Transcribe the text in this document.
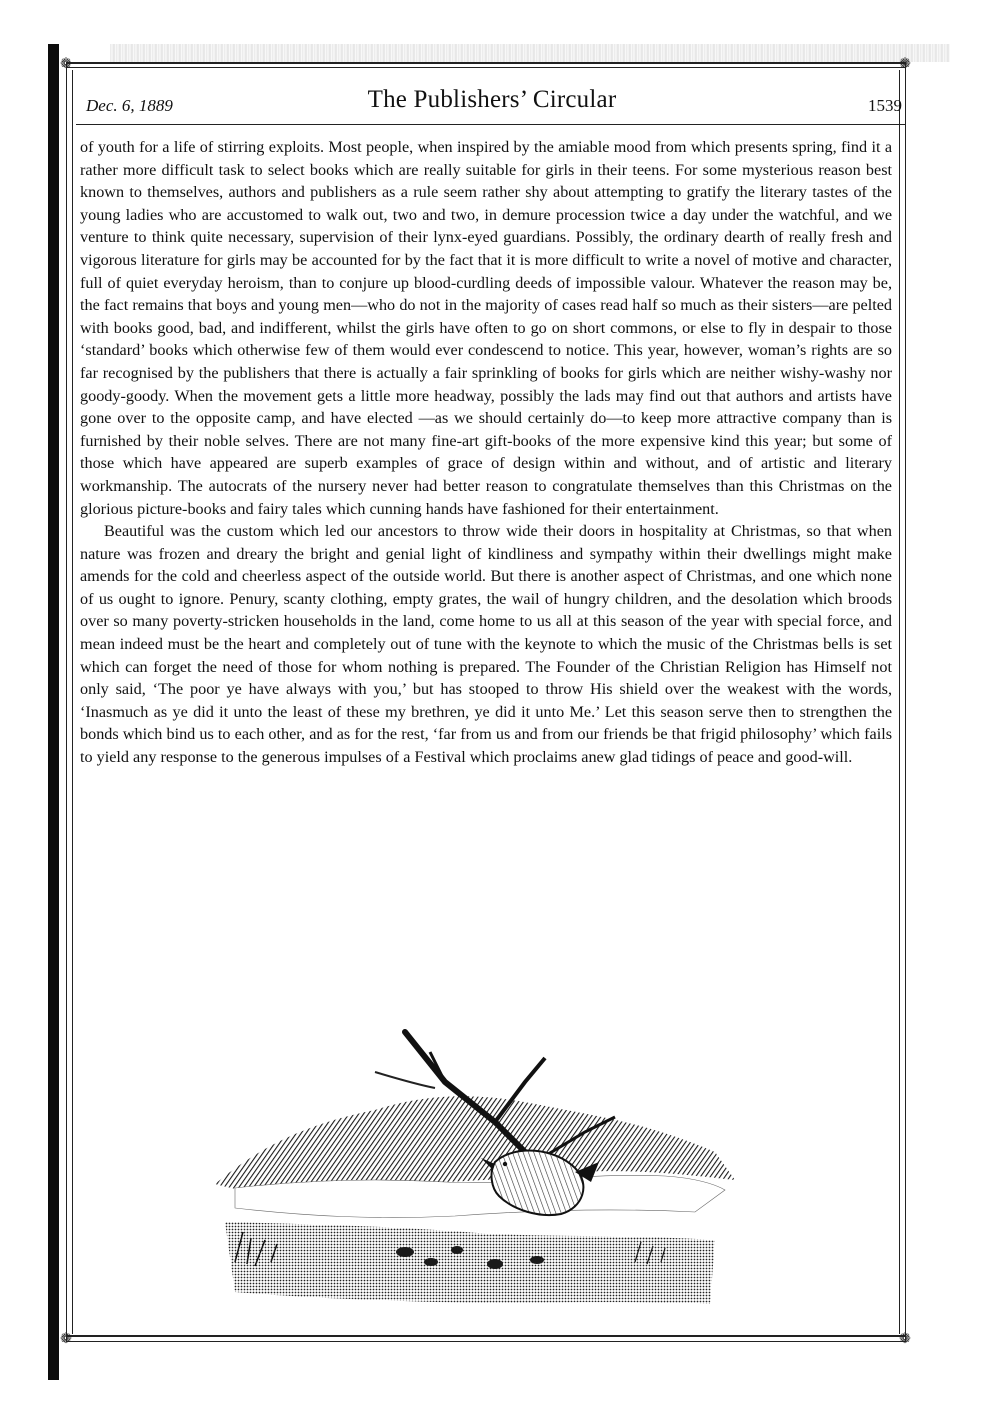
❁	❁
❁	❁
Dec. 6, 1889	The Publishers’ Circular	1539

of youth for a life of stirring exploits. Most people, when inspired by the amiable mood from which presents spring, find it a rather more difficult task to select books which are really suitable for girls in their teens. For some mysterious reason best known to themselves, authors and publishers as a rule seem rather shy about attempting to gratify the literary tastes of the young ladies who are accustomed to walk out, two and two, in demure procession twice a day under the watchful, and we venture to think quite necessary, supervision of their lynx-eyed guardians. Possibly, the ordinary dearth of really fresh and vigorous literature for girls may be accounted for by the fact that it is more difficult to write a novel of motive and character, full of quiet everyday heroism, than to conjure up blood-curdling deeds of impossible valour. Whatever the reason may be, the fact remains that boys and young men—who do not in the majority of cases read half so much as their sisters—are pelted with books good, bad, and indifferent, whilst the girls have often to go on short commons, or else to fly in despair to those ‘standard’ books which otherwise few of them would ever condescend to notice. This year, however, woman’s rights are so far recognised by the publishers that there is actually a fair sprinkling of books for girls which are neither wishy-washy nor goody-goody. When the movement gets a little more headway, possibly the lads may find out that authors and artists have gone over to the opposite camp, and have elected —as we should certainly do—to keep more attractive company than is furnished by their noble selves. There are not many fine-art gift-books of the more expensive kind this year; but some of those which have appeared are superb examples of grace of design within and without, and of artistic and literary workmanship. The autocrats of the nursery never had better reason to congratulate themselves than this Christmas on the glorious picture-books and fairy tales which cunning hands have fashioned for their entertainment.

Beautiful was the custom which led our ancestors to throw wide their doors in hospitality at Christmas, so that when nature was frozen and dreary the bright and genial light of kindliness and sympathy within their dwellings might make amends for the cold and cheerless aspect of the outside world. But there is another aspect of Christmas, and one which none of us ought to ignore. Penury, scanty clothing, empty grates, the wail of hungry children, and the desolation which broods over so many poverty-stricken households in the land, come home to us all at this season of the year with special force, and mean indeed must be the heart and completely out of tune with the keynote to which the music of the Christmas bells is set which can forget the need of those for whom nothing is prepared. The Founder of the Christian Religion has Himself not only said, ‘The poor ye have always with you,’ but has stooped to throw His shield over the weakest with the words, ‘Inasmuch as ye did it unto the least of these my brethren, ye did it unto Me.’ Let this season serve then to strengthen the bonds which bind us to each other, and as for the rest, ‘far from us and from our friends be that frigid philosophy’ which fails to yield any response to the generous impulses of a Festival which proclaims anew glad tidings of peace and good-will.
